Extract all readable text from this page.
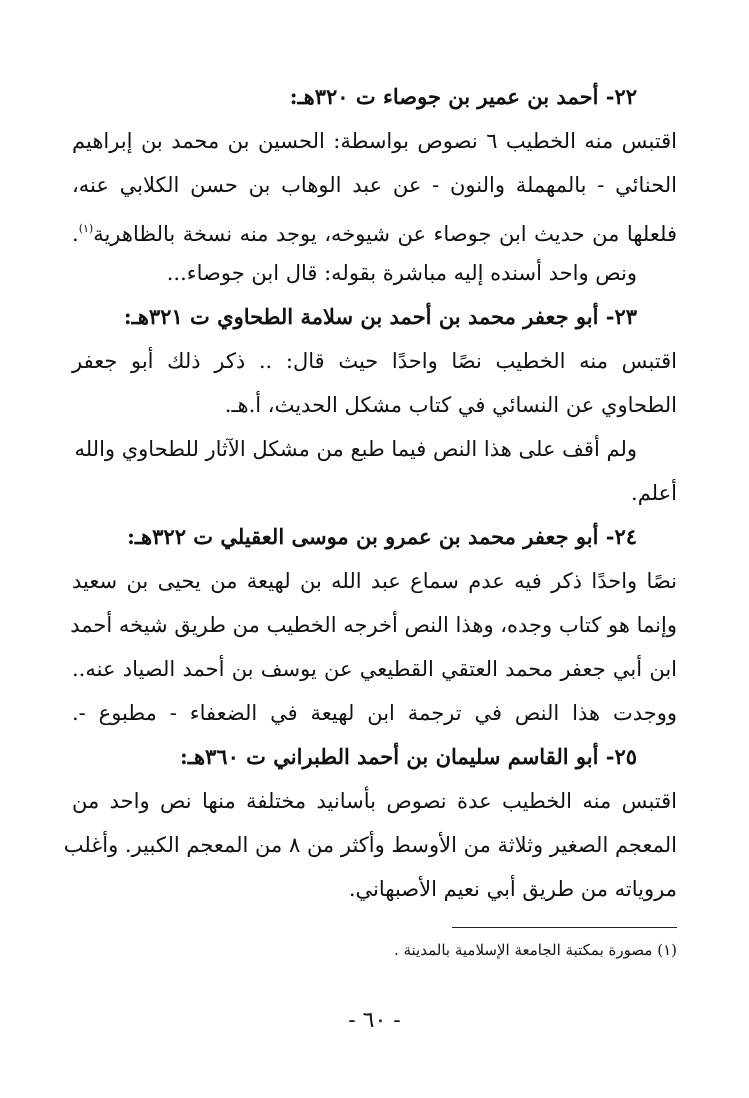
٢٢- أحمد بن عمير بن جوصاء ت ٣٢٠هـ:
اقتبس منه الخطيب ٦ نصوص بواسطة: الحسين بن محمد بن إبراهيم
الحنائي - بالمهملة والنون - عن عبد الوهاب بن حسن الكلابي عنه،
فلعلها من حديث ابن جوصاء عن شيوخه، يوجد منه نسخة بالظاهرية$^{(١)}$.
ونص واحد أسنده إليه مباشرة بقوله: قال ابن جوصاء...
٢٣- أبو جعفر محمد بن أحمد بن سلامة الطحاوي ت ٣٢١هـ:
اقتبس منه الخطيب نصًا واحدًا حيث قال: .. ذكر ذلك أبو جعفر
الطحاوي عن النسائي في كتاب مشكل الحديث، أ.هـ.
ولم أقف على هذا النص فيما طبع من مشكل الآثار للطحاوي والله
أعلم.
٢٤- أبو جعفر محمد بن عمرو بن موسى العقيلي ت ٣٢٢هـ:
نصًا واحدًا ذكر فيه عدم سماع عبد الله بن لهيعة من يحيى بن سعيد
وإنما هو كتاب وجده، وهذا النص أخرجه الخطيب من طريق شيخه أحمد
ابن أبي جعفر محمد العتقي القطيعي عن يوسف بن أحمد الصياد عنه..
ووجدت هذا النص في ترجمة ابن لهيعة في الضعفاء - مطبوع -.
٢٥- أبو القاسم سليمان بن أحمد الطبراني ت ٣٦٠هـ:
اقتبس منه الخطيب عدة نصوص بأسانيد مختلفة منها نص واحد من
المعجم الصغير وثلاثة من الأوسط وأكثر من ٨ من المعجم الكبير. وأغلب
مروياته من طريق أبي نعيم الأصبهاني.
(١) مصورة بمكتبة الجامعة الإسلامية بالمدينة .
- ٦٠ -
